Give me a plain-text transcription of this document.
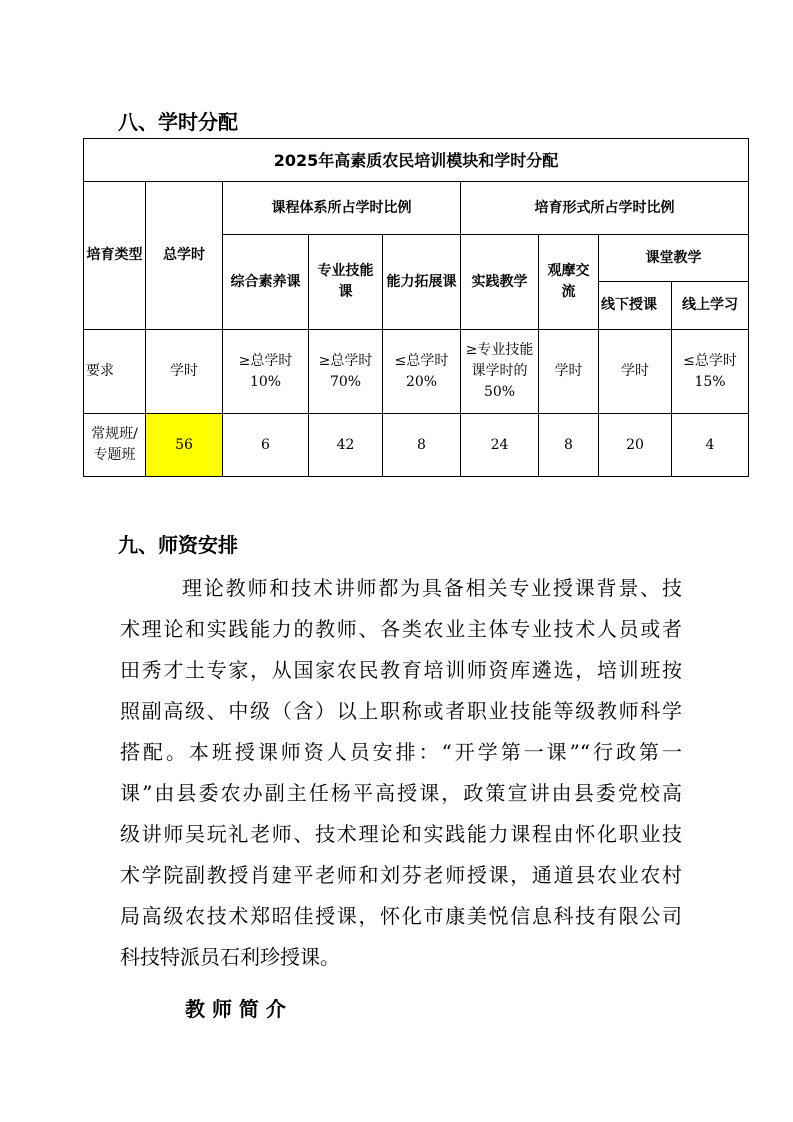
八、学时分配
2025年高素质农民培训模块和学时分配								
培育类型	总学时	课程体系所占学时比例			培育形式所占学时比例			
		综合素养课	专业技能课	能力拓展课	实践教学	观摩交流	课堂教学	
							线下授课	线上学习
要求	学时	≥总学时10%	≥总学时70%	≤总学时20%	≥专业技能课学时的50%	学时	学时	≤总学时15%
常规班/专题班	56	6	42	8	24	8	20	4
九、师资安排
理论教师和技术讲师都为具备相关专业授课背景、技
术理论和实践能力的教师、各类农业主体专业技术人员或者
田秀才土专家，从国家农民教育培训师资库遴选，培训班按
照副高级、中级（含）以上职称或者职业技能等级教师科学
搭配。本班授课师资人员安排：“开学第一课”“行政第一
课”由县委农办副主任杨平高授课，政策宣讲由县委党校高
级讲师吴玩礼老师、技术理论和实践能力课程由怀化职业技
术学院副教授肖建平老师和刘芬老师授课，通道县农业农村
局高级农技术郑昭佳授课，怀化市康美悦信息科技有限公司
科技特派员石利珍授课。
教 师 简 介
